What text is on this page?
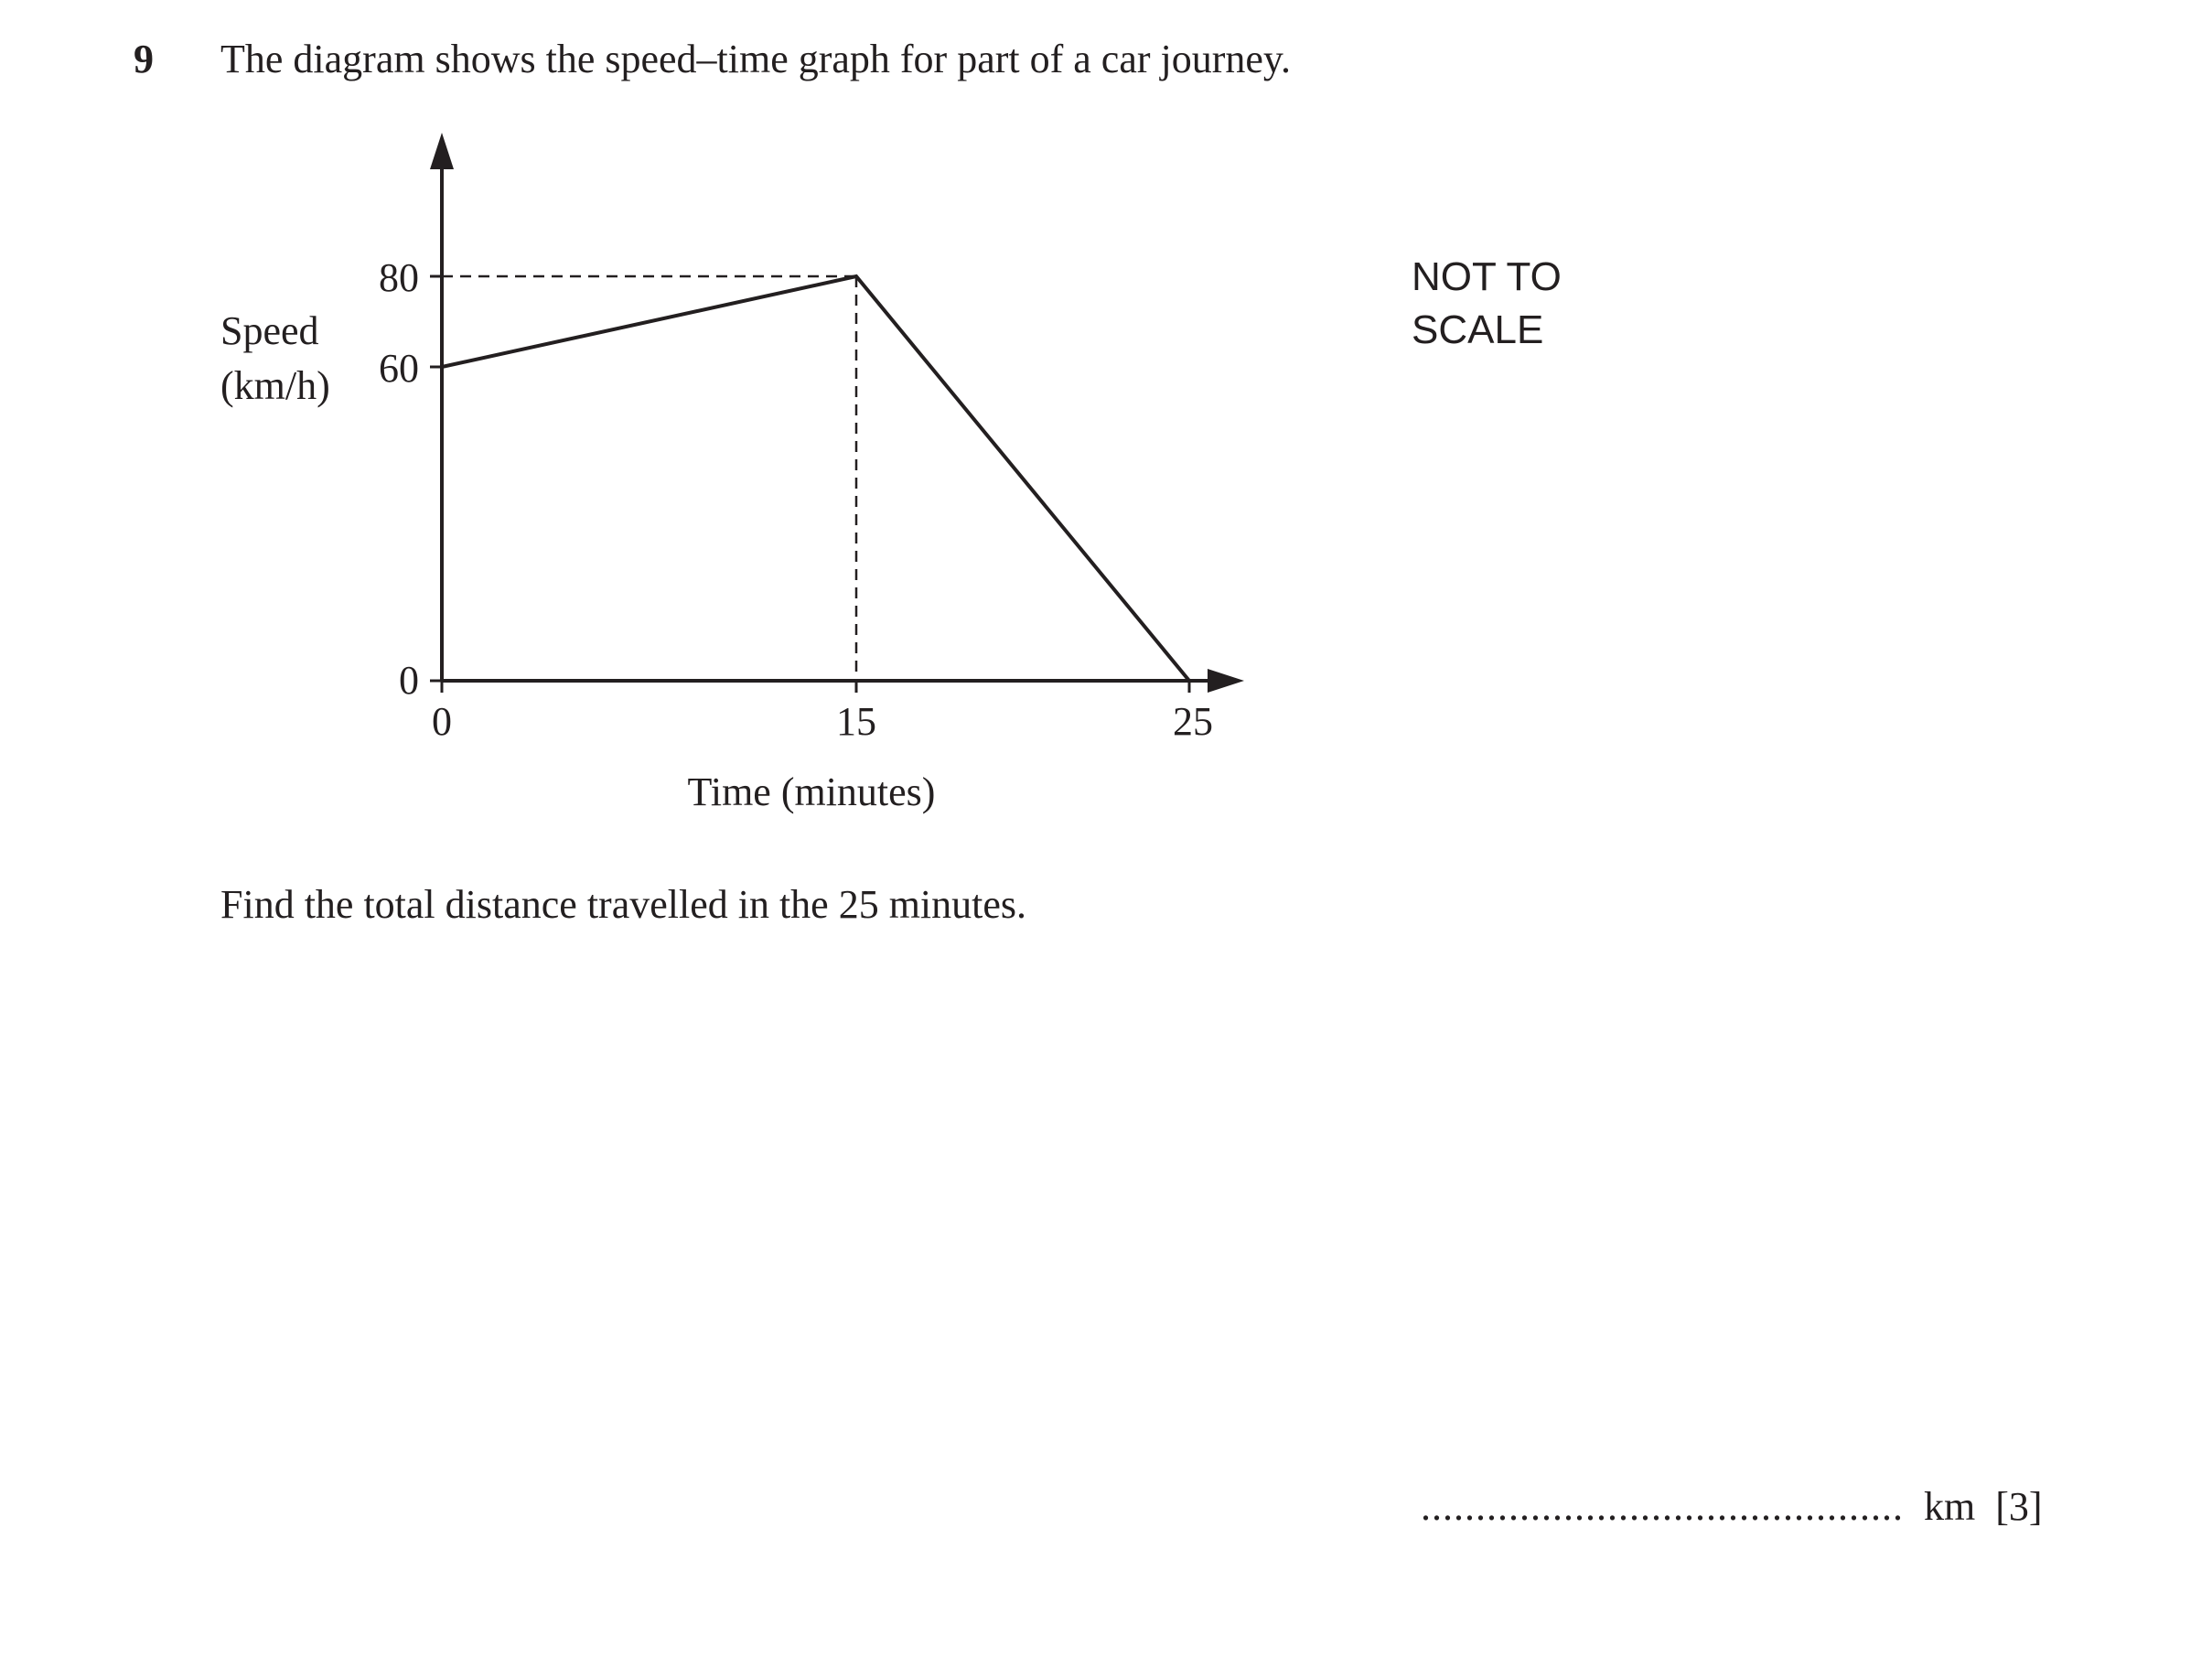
9 The diagram shows the speed–time graph for part of a car journey.
80
60
0
0	15	25
Speed
(km/h)
Time (minutes)
NOT TO
SCALE
Find the total distance travelled in the 25 minutes.
............................................ km [3]
